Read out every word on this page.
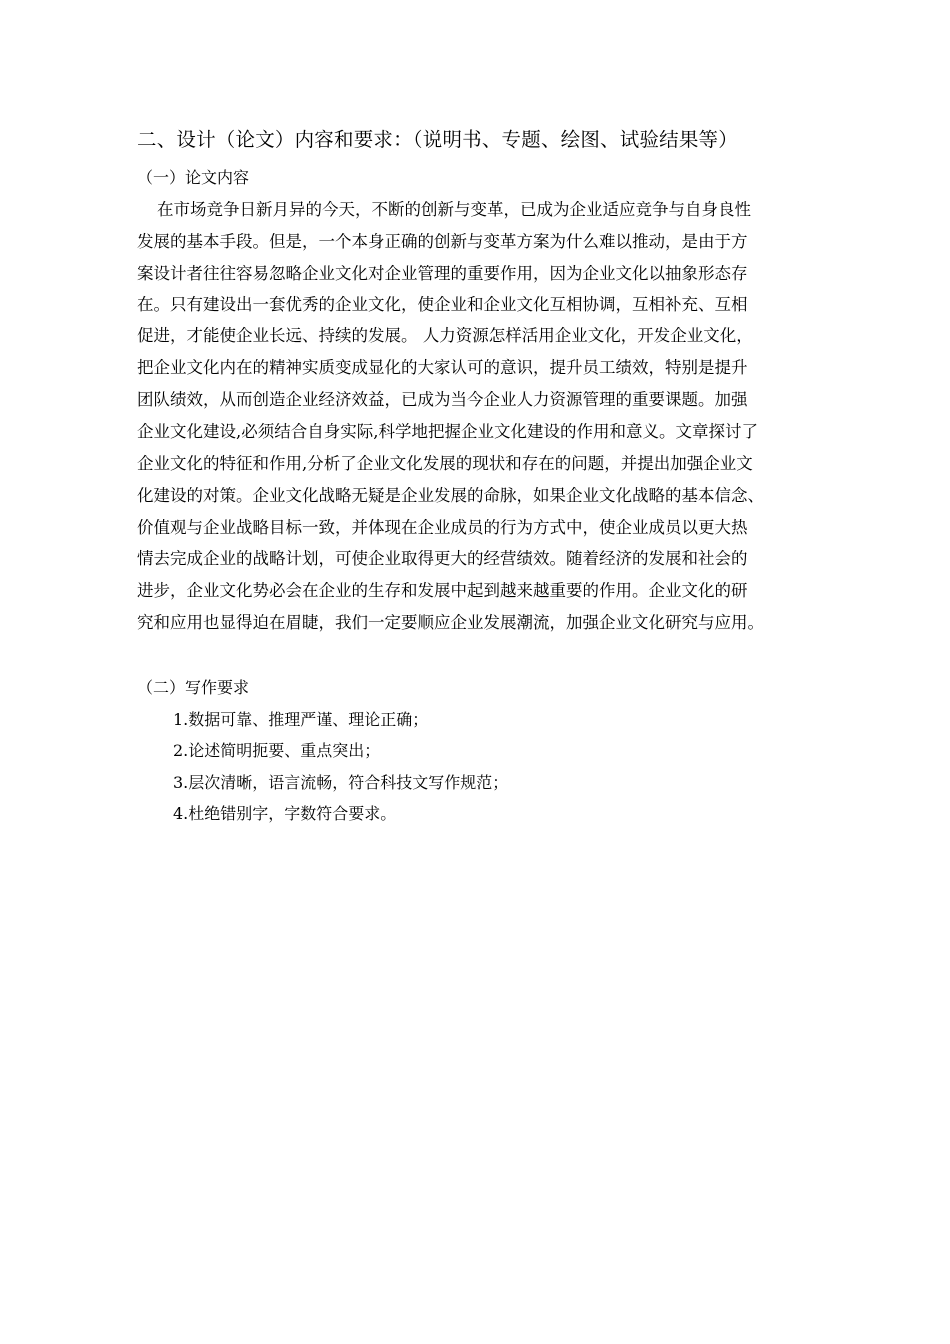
二、设计（论文）内容和要求：（说明书、专题、绘图、试验结果等）
（一）论文内容
在市场竞争日新月异的今天，不断的创新与变革，已成为企业适应竞争与自身良性
发展的基本手段。但是，一个本身正确的创新与变革方案为什么难以推动，是由于方
案设计者往往容易忽略企业文化对企业管理的重要作用，因为企业文化以抽象形态存
在。只有建设出一套优秀的企业文化，使企业和企业文化互相协调，互相补充、互相
促进，才能使企业长远、持续的发展。 人力资源怎样活用企业文化，开发企业文化，
把企业文化内在的精神实质变成显化的大家认可的意识，提升员工绩效，特别是提升
团队绩效，从而创造企业经济效益，已成为当今企业人力资源管理的重要课题。加强
企业文化建设,必须结合自身实际,科学地把握企业文化建设的作用和意义。文章探讨了
企业文化的特征和作用,分析了企业文化发展的现状和存在的问题，并提出加强企业文
化建设的对策。企业文化战略无疑是企业发展的命脉，如果企业文化战略的基本信念、
价值观与企业战略目标一致，并体现在企业成员的行为方式中，使企业成员以更大热
情去完成企业的战略计划，可使企业取得更大的经营绩效。随着经济的发展和社会的
进步，企业文化势必会在企业的生存和发展中起到越来越重要的作用。企业文化的研
究和应用也显得迫在眉睫，我们一定要顺应企业发展潮流，加强企业文化研究与应用。
（二）写作要求
1.数据可靠、推理严谨、理论正确；
2.论述简明扼要、重点突出；
3.层次清晰，语言流畅，符合科技文写作规范；
4.杜绝错别字，字数符合要求。
